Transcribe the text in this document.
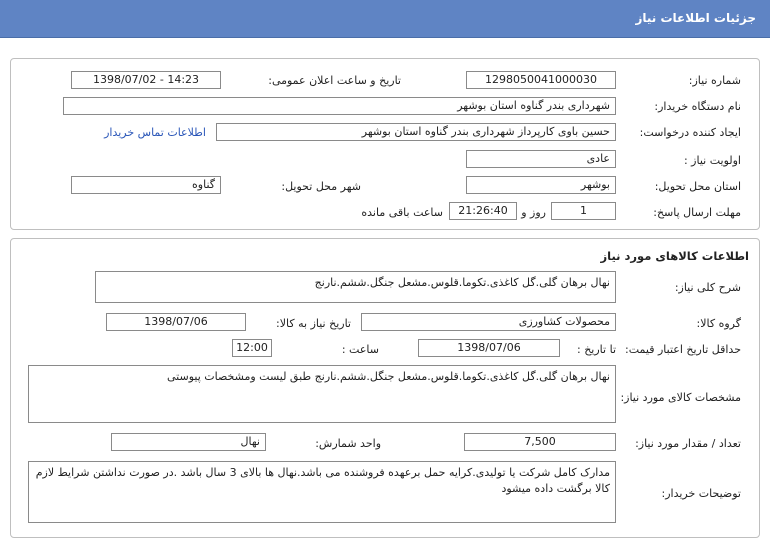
جزئیات اطلاعات نیاز
شماره نیاز:
1298050041000030
تاریخ و ساعت اعلان عمومی:
1398/07/02 - 14:23
نام دستگاه خریدار:
شهرداری بندر گناوه استان بوشهر
ایجاد کننده درخواست:
حسین باوی کارپرداز شهرداری بندر گناوه استان بوشهر
اطلاعات تماس خریدار
اولویت نیاز :
عادی
استان محل تحویل:
بوشهر
شهر محل تحویل:
گناوه
مهلت ارسال پاسخ:
1
روز و
21:26:40
ساعت باقی مانده
اطلاعات کالاهای مورد نیاز
شرح کلی نیاز:
نهال برهان گلی.گل کاغذی.تکوما.قلوس.مشعل جنگل.ششم.نارنج
گروه کالا:
محصولات کشاورزی
تاریخ نیاز به کالا:
1398/07/06
حداقل تاریخ اعتبار قیمت:
تا تاریخ :
1398/07/06
ساعت :
12:00
مشخصات کالای مورد نیاز:
نهال برهان گلی.گل کاغذی.تکوما.قلوس.مشعل جنگل.ششم.نارنج طبق لیست ومشخصات پیوستی
تعداد / مقدار مورد نیاز:
7,500
واحد شمارش:
نهال
توضیحات خریدار:
مدارک کامل شرکت یا تولیدی.کرایه حمل برعهده فروشنده می باشد.نهال ها بالای 3 سال باشد .در صورت نداشتن شرایط لازم کالا برگشت داده میشود
